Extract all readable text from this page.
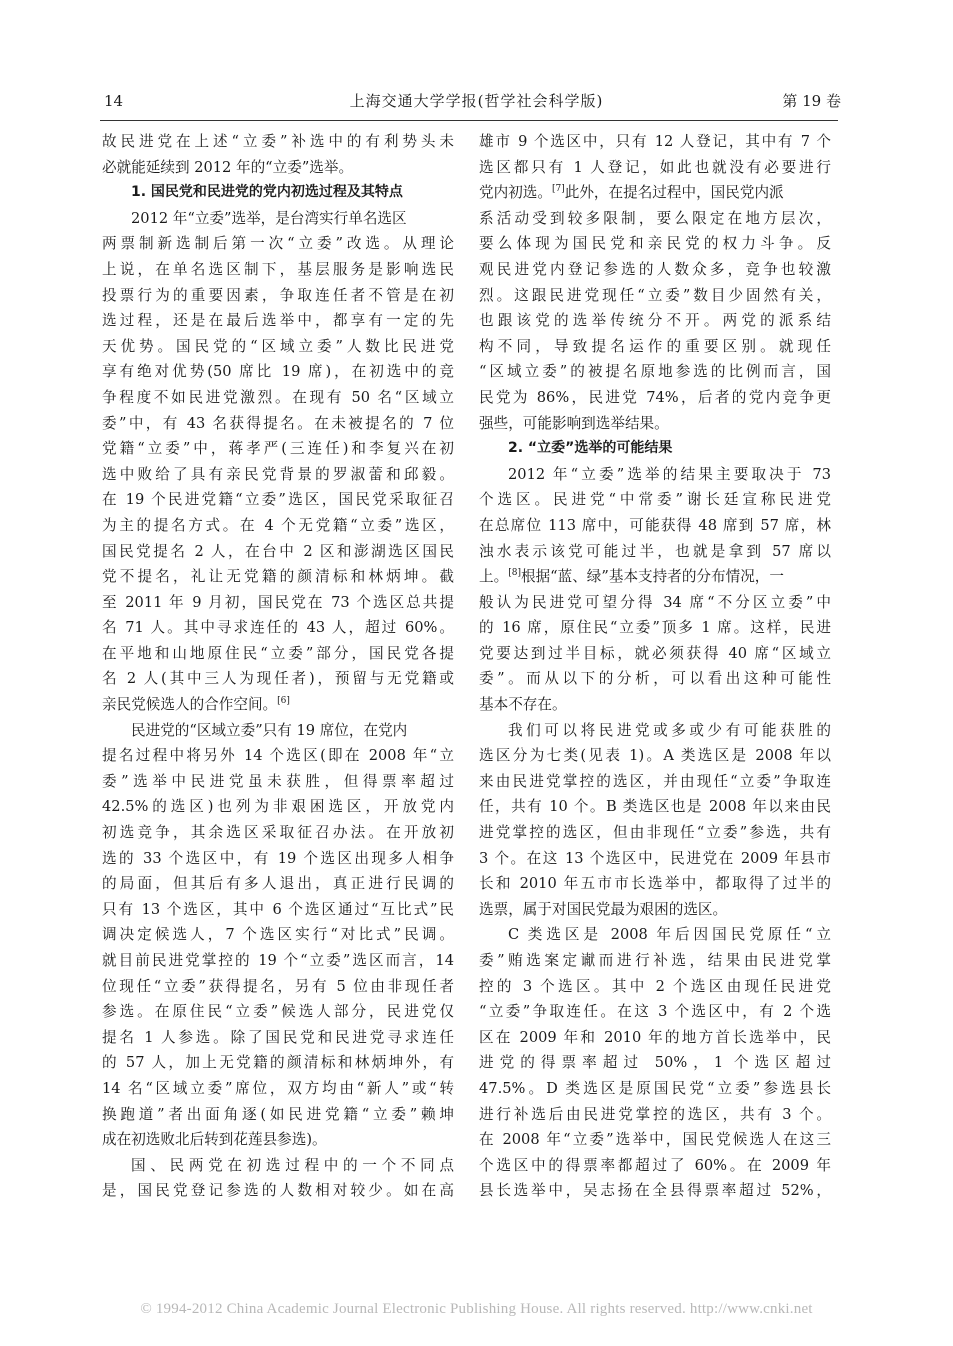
14	上海交通大学学报(哲学社会科学版)	第 19 卷
故民进党在上述“立委”补选中的有利势头未
必就能延续到 2012 年的“立委”选举。
1. 国民党和民进党的党内初选过程及其特点
2012 年“立委”选举，是台湾实行单名选区
两票制新选制后第一次“立委”改选。从理论
上说，在单名选区制下，基层服务是影响选民
投票行为的重要因素，争取连任者不管是在初
选过程，还是在最后选举中，都享有一定的先
天优势。国民党的“区域立委”人数比民进党
享有绝对优势(50 席比 19 席)，在初选中的竞
争程度不如民进党激烈。在现有 50 名“区域立
委”中，有 43 名获得提名。在未被提名的 7 位
党籍“立委”中，蒋孝严(三连任)和李复兴在初
选中败给了具有亲民党背景的罗淑蕾和邱毅。
在 19 个民进党籍“立委”选区，国民党采取征召
为主的提名方式。在 4 个无党籍“立委”选区，
国民党提名 2 人，在台中 2 区和澎湖选区国民
党不提名，礼让无党籍的颜清标和林炳坤。截
至 2011 年 9 月初，国民党在 73 个选区总共提
名 71 人。其中寻求连任的 43 人，超过 60%。
在平地和山地原住民“立委”部分，国民党各提
名 2 人(其中三人为现任者)，预留与无党籍或
亲民党候选人的合作空间。[6]
民进党的“区域立委”只有 19 席位，在党内
提名过程中将另外 14 个选区(即在 2008 年“立
委”选举中民进党虽未获胜，但得票率超过
42.5%的选区)也列为非艰困选区，开放党内
初选竞争，其余选区采取征召办法。在开放初
选的 33 个选区中，有 19 个选区出现多人相争
的局面，但其后有多人退出，真正进行民调的
只有 13 个选区，其中 6 个选区通过“互比式”民
调决定候选人，7 个选区实行“对比式”民调。
就目前民进党掌控的 19 个“立委”选区而言，14
位现任“立委”获得提名，另有 5 位由非现任者
参选。在原住民“立委”候选人部分，民进党仅
提名 1 人参选。除了国民党和民进党寻求连任
的 57 人，加上无党籍的颜清标和林炳坤外，有
14 名“区域立委”席位，双方均由“新人”或“转
换跑道”者出面角逐(如民进党籍“立委”赖坤
成在初选败北后转到花莲县参选)。
国、民两党在初选过程中的一个不同点
是，国民党登记参选的人数相对较少。如在高
雄市 9 个选区中，只有 12 人登记，其中有 7 个
选区都只有 1 人登记，如此也就没有必要进行
党内初选。[7]此外，在提名过程中，国民党内派
系活动受到较多限制，要么限定在地方层次，
要么体现为国民党和亲民党的权力斗争。反
观民进党内登记参选的人数众多，竞争也较激
烈。这跟民进党现任“立委”数目少固然有关，
也跟该党的选举传统分不开。两党的派系结
构不同，导致提名运作的重要区别。就现任
“区域立委”的被提名原地参选的比例而言，国
民党为 86%，民进党 74%，后者的党内竞争更
强些，可能影响到选举结果。
2. “立委”选举的可能结果
2012 年“立委”选举的结果主要取决于 73
个选区。民进党“中常委”谢长廷宣称民进党
在总席位 113 席中，可能获得 48 席到 57 席，林
浊水表示该党可能过半，也就是拿到 57 席以
上。[8]根据“蓝、绿”基本支持者的分布情况，一
般认为民进党可望分得 34 席“不分区立委”中
的 16 席，原住民“立委”顶多 1 席。这样，民进
党要达到过半目标，就必须获得 40 席“区域立
委”。而从以下的分析，可以看出这种可能性
基本不存在。
我们可以将民进党或多或少有可能获胜的
选区分为七类(见表 1)。A 类选区是 2008 年以
来由民进党掌控的选区，并由现任“立委”争取连
任，共有 10 个。B 类选区也是 2008 年以来由民
进党掌控的选区，但由非现任“立委”参选，共有
3 个。在这 13 个选区中，民进党在 2009 年县市
长和 2010 年五市市长选举中，都取得了过半的
选票，属于对国民党最为艰困的选区。
C 类选区是 2008 年后因国民党原任“立
委”贿选案定谳而进行补选，结果由民进党掌
控的 3 个选区。其中 2 个选区由现任民进党
“立委”争取连任。在这 3 个选区中，有 2 个选
区在 2009 年和 2010 年的地方首长选举中，民
进党的得票率超过 50%，1 个选区超过
47.5%。D 类选区是原国民党“立委”参选县长
进行补选后由民进党掌控的选区，共有 3 个。
在 2008 年“立委”选举中，国民党候选人在这三
个选区中的得票率都超过了 60%。在 2009 年
县长选举中，吴志扬在全县得票率超过 52%，
© 1994-2012 China Academic Journal Electronic Publishing House. All rights reserved. http://www.cnki.net
